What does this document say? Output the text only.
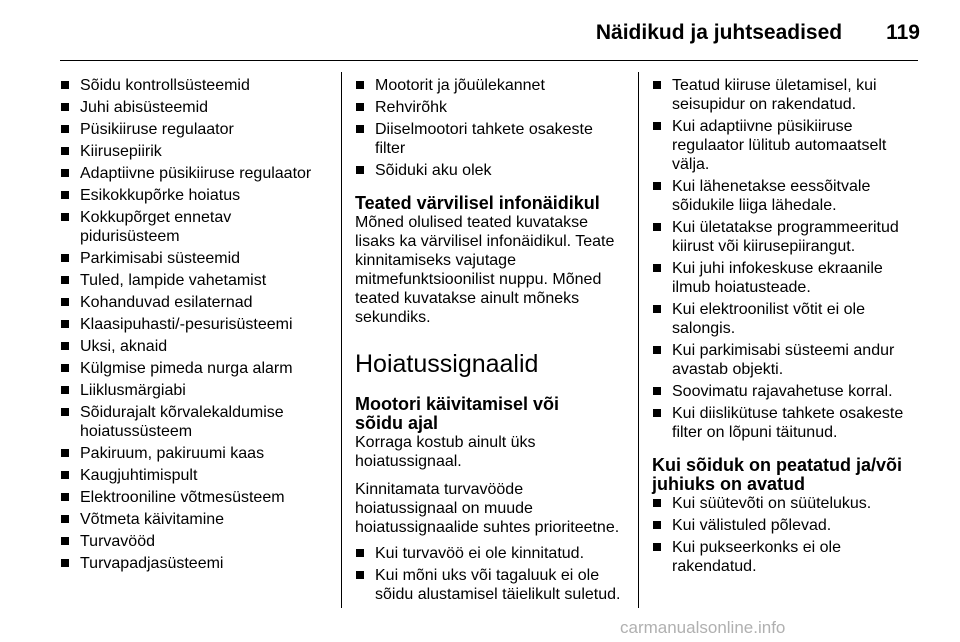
Näidikud ja juhtseadised 119
Sõidu kontrollsüsteemid
Juhi abisüsteemid
Püsikiiruse regulaator
Kiirusepiirik
Adaptiivne püsikiiruse regulaator
Esikokkupõrke hoiatus
Kokkupõrget ennetav pidurisüsteem
Parkimisabi süsteemid
Tuled, lampide vahetamist
Kohanduvad esilaternad
Klaasipuhasti/-pesurisüsteemi
Uksi, aknaid
Külgmise pimeda nurga alarm
Liiklusmärgiabi
Sõidurajalt kõrvalekaldumise hoiatussüsteem
Pakiruum, pakiruumi kaas
Kaugjuhtimispult
Elektrooniline võtmesüsteem
Võtmeta käivitamine
Turvavööd
Turvapadjasüsteemi
Mootorit ja jõuülekannet
Rehvirõhk
Diiselmootori tahkete osakeste filter
Sõiduki aku olek
Teated värvilisel infonäidikul

Mõned olulised teated kuvatakse lisaks ka värvilisel infonäidikul. Teate kinnitamiseks vajutage mitmefunktsioonilist nuppu. Mõned teated kuvatakse ainult mõneks sekundiks.

Hoiatussignaalid
Mootori käivitamisel või sõidu ajal

Korraga kostub ainult üks hoiatussignaal.

Kinnitamata turvavööde hoiatussignaal on muude hoiatussignaalide suhtes prioriteetne.

Kui turvavöö ei ole kinnitatud.
Kui mõni uks või tagaluuk ei ole sõidu alustamisel täielikult suletud.
Teatud kiiruse ületamisel, kui seisupidur on rakendatud.
Kui adaptiivne püsikiiruse regulaator lülitub automaatselt välja.
Kui lähenetakse eessõitvale sõidukile liiga lähedale.
Kui ületatakse programmeeritud kiirust või kiirusepiirangut.
Kui juhi infokeskuse ekraanile ilmub hoiatusteade.
Kui elektroonilist võtit ei ole salongis.
Kui parkimisabi süsteemi andur avastab objekti.
Soovimatu rajavahetuse korral.
Kui diislikütuse tahkete osakeste filter on lõpuni täitunud.
Kui sõiduk on peatatud ja/või juhiuks on avatud
Kui süütevõti on süütelukus.
Kui välistuled põlevad.
Kui pukseerkonks ei ole rakendatud.
carmanualsonline.info
